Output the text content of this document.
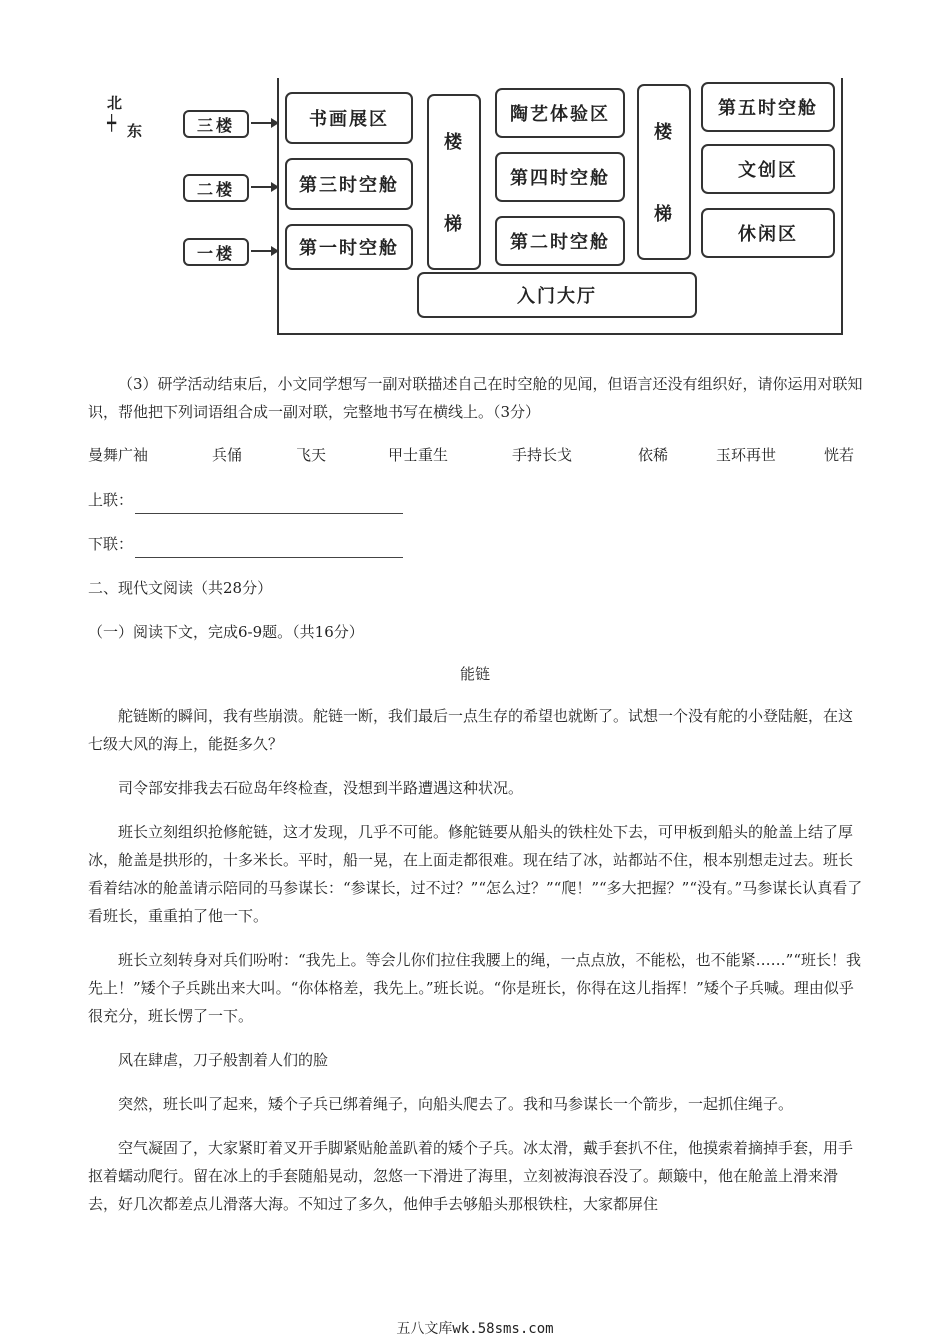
北
┿ 东	三楼
二楼
一楼
书画展区
第三时空舱
第一时空舱
楼
梯
陶艺体验区
第四时空舱
第二时空舱
楼
梯
第五时空舱
文创区
休闲区
入门大厅
（3）研学活动结束后，小文同学想写一副对联描述自己在时空舱的见闻，但语言还没有组织好，请你运用对联知识，帮他把下列词语组合成一副对联，完整地书写在横线上。（3分）
曼舞广袖	兵俑	飞天	甲士重生	手持长戈	依稀	玉环再世	恍若
上联：
下联：
二、现代文阅读（共28分）
（一）阅读下文，完成6-9题。（共16分）
能链
舵链断的瞬间，我有些崩溃。舵链一断，我们最后一点生存的希望也就断了。试想一个没有舵的小登陆艇，在这七级大风的海上，能挺多久？
司令部安排我去石砬岛年终检查，没想到半路遭遇这种状况。
班长立刻组织抢修舵链，这才发现，几乎不可能。修舵链要从船头的铁柱处下去，可甲板到船头的舱盖上结了厚冰，舱盖是拱形的，十多米长。平时，船一晃，在上面走都很难。现在结了冰，站都站不住，根本别想走过去。班长看着结冰的舱盖请示陪同的马参谋长：“参谋长，过不过？”“怎么过？”“爬！”“多大把握？”“没有。”马参谋长认真看了看班长，重重拍了他一下。
班长立刻转身对兵们吩咐：“我先上。等会儿你们拉住我腰上的绳，一点点放，不能松，也不能紧……”“班长！我先上！”矮个子兵跳出来大叫。“你体格差，我先上。”班长说。“你是班长，你得在这儿指挥！”矮个子兵喊。理由似乎很充分，班长愣了一下。
风在肆虐，刀子般割着人们的脸
突然，班长叫了起来，矮个子兵已绑着绳子，向船头爬去了。我和马参谋长一个箭步，一起抓住绳子。
空气凝固了，大家紧盯着叉开手脚紧贴舱盖趴着的矮个子兵。冰太滑，戴手套扒不住，他摸索着摘掉手套，用手抠着蠕动爬行。留在冰上的手套随船晃动，忽悠一下滑进了海里，立刻被海浪吞没了。颠簸中，他在舱盖上滑来滑去，好几次都差点儿滑落大海。不知过了多久，他伸手去够船头那根铁柱，大家都屏住
五八文库wk.58sms.com
